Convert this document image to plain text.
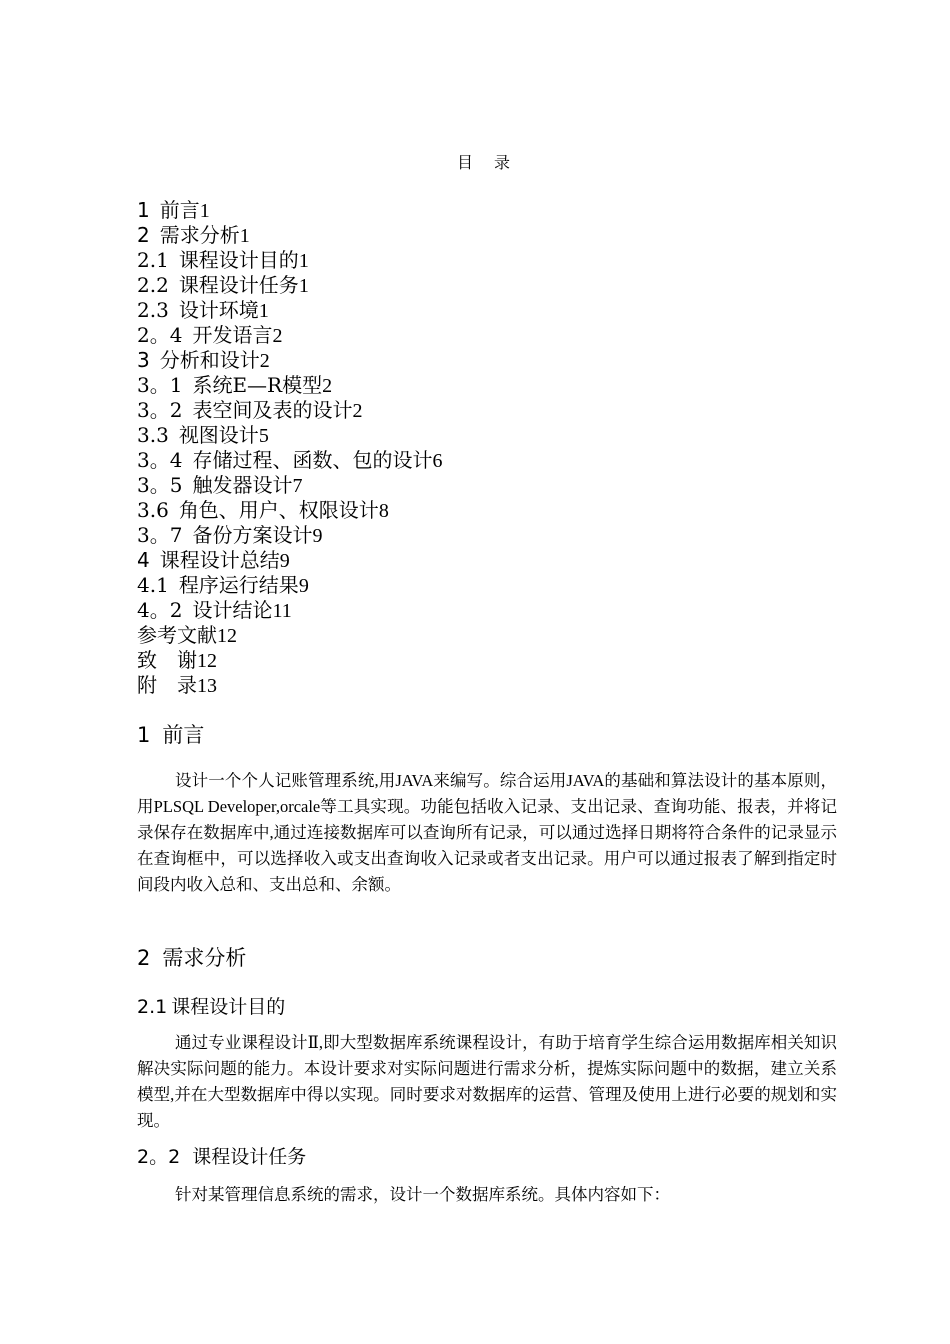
目 录
1 前言1
2 需求分析1
2.1 课程设计目的1
2.2 课程设计任务1
2.3 设计环境1
2。4 开发语言2
3 分析和设计2
3。1 系统E—R模型2
3。2 表空间及表的设计2
3.3 视图设计5
3。4 存储过程、函数、包的设计6
3。5 触发器设计7
3.6 角色、用户、权限设计8
3。7 备份方案设计9
4 课程设计总结9
4.1 程序运行结果9
4。2 设计结论11
参考文献12
致　谢12
附　录13
1 前言
设计一个个人记账管理系统,用JAVA来编写。综合运用JAVA的基础和算法设计的基本原则，用PLSQL Developer,orcale等工具实现。功能包括收入记录、支出记录、查询功能、报表，并将记录保存在数据库中,通过连接数据库可以查询所有记录，可以通过选择日期将符合条件的记录显示在查询框中，可以选择收入或支出查询收入记录或者支出记录。用户可以通过报表了解到指定时间段内收入总和、支出总和、余额。
2 需求分析
2.1 课程设计目的
通过专业课程设计Ⅱ,即大型数据库系统课程设计，有助于培育学生综合运用数据库相关知识解决实际问题的能力。本设计要求对实际问题进行需求分析，提炼实际问题中的数据，建立关系模型,并在大型数据库中得以实现。同时要求对数据库的运营、管理及使用上进行必要的规划和实现。
2。2 课程设计任务
针对某管理信息系统的需求，设计一个数据库系统。具体内容如下：
